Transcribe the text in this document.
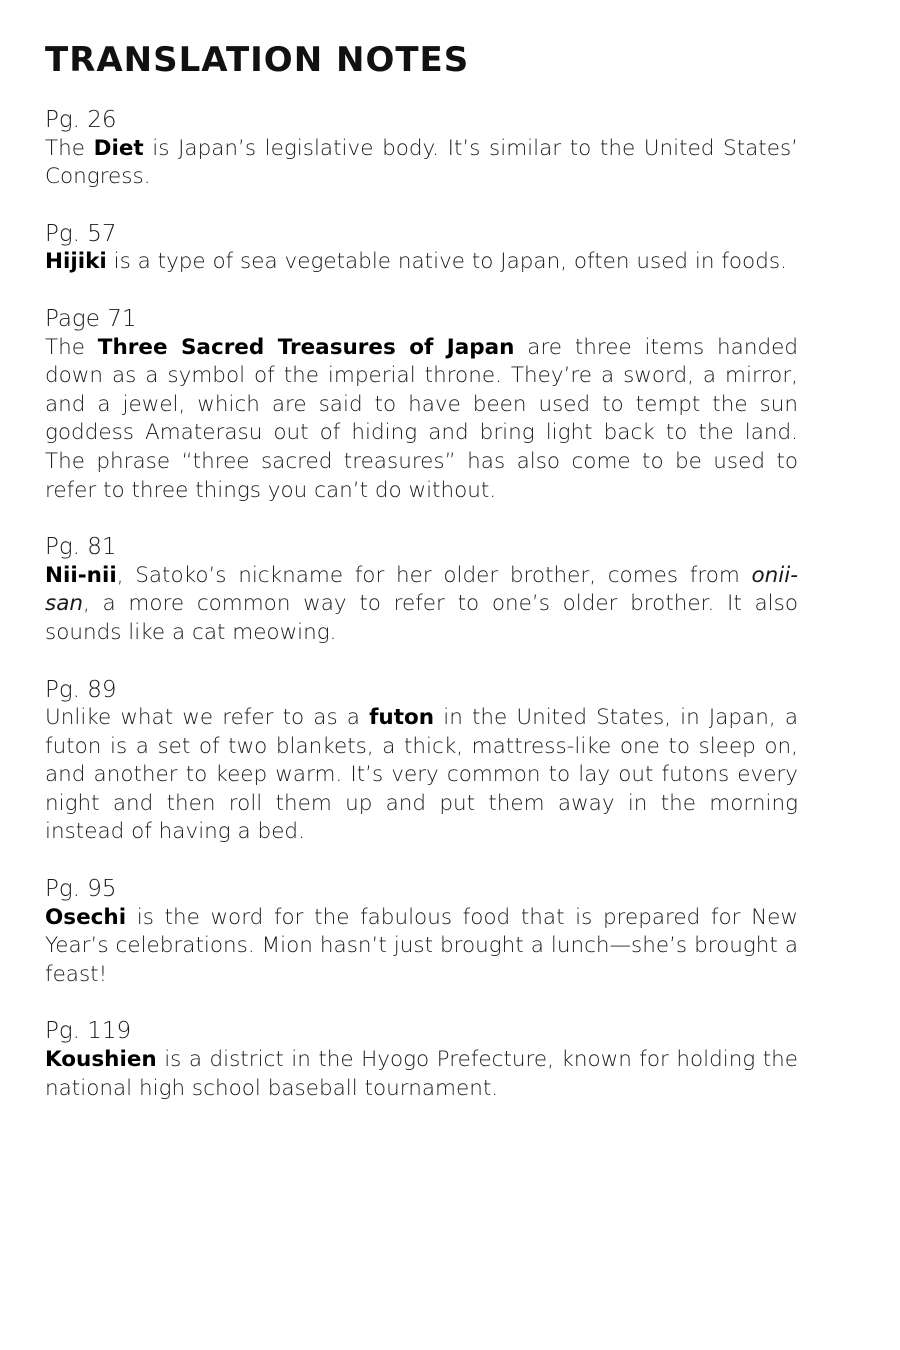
TRANSLATION NOTES
Pg. 26

The Diet is Japan’s legislative body. It’s similar to the United States’ Congress.

Pg. 57

Hijiki is a type of sea vegetable native to Japan, often used in foods.

Page 71

The Three Sacred Treasures of Japan are three items handed down as a symbol of the imperial throne. They’re a sword, a mirror, and a jewel, which are said to have been used to tempt the sun goddess Amaterasu out of hiding and bring light back to the land. The phrase “three sacred treasures” has also come to be used to refer to three things you can’t do without.

Pg. 81

Nii-nii, Satoko’s nickname for her older brother, comes from onii-san, a more common way to refer to one’s older brother. It also sounds like a cat meowing.

Pg. 89

Unlike what we refer to as a futon in the United States, in Japan, a futon is a set of two blankets, a thick, mattress-like one to sleep on, and another to keep warm. It’s very common to lay out futons every night and then roll them up and put them away in the morning instead of having a bed.

Pg. 95

Osechi is the word for the fabulous food that is prepared for New Year’s celebrations. Mion hasn’t just brought a lunch—she’s brought a feast!

Pg. 119

Koushien is a district in the Hyogo Prefecture, known for holding the national high school baseball tournament.
